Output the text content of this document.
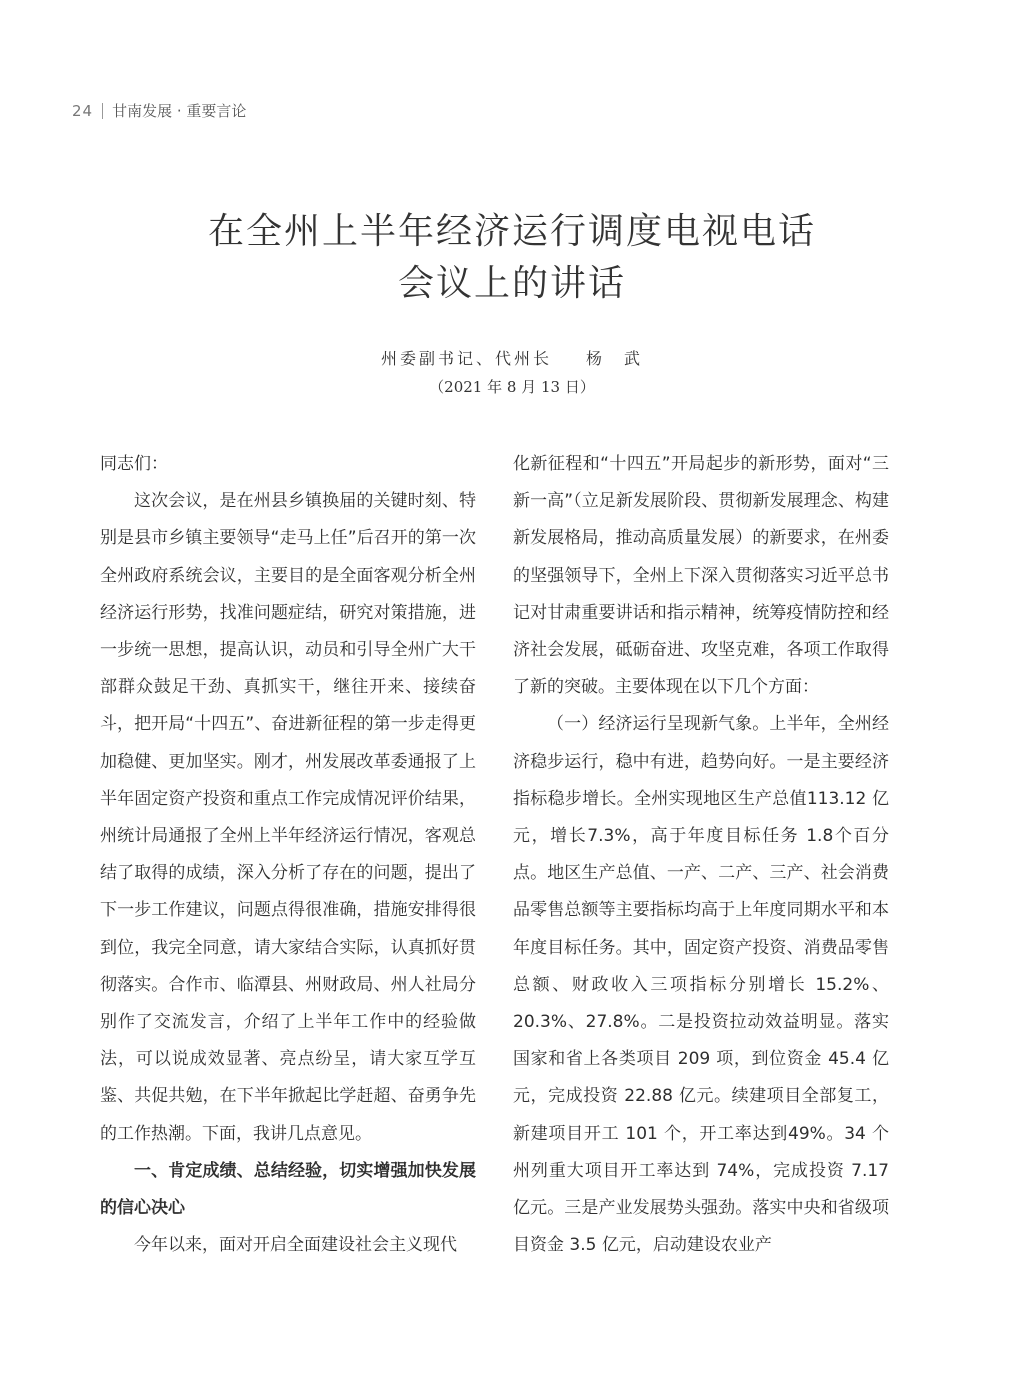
24 甘南发展 · 重要言论
在全州上半年经济运行调度电视电话
会议上的讲话
州委副书记、代州长 杨　武
（2021 年 8 月 13 日）

同志们：

这次会议，是在州县乡镇换届的关键时刻、特别是县市乡镇主要领导“走马上任”后召开的第一次全州政府系统会议，主要目的是全面客观分析全州经济运行形势，找准问题症结，研究对策措施，进一步统一思想，提高认识，动员和引导全州广大干部群众鼓足干劲、真抓实干，继往开来、接续奋斗，把开局“十四五”、奋进新征程的第一步走得更加稳健、更加坚实。刚才，州发展改革委通报了上半年固定资产投资和重点工作完成情况评价结果，州统计局通报了全州上半年经济运行情况，客观总结了取得的成绩，深入分析了存在的问题，提出了下一步工作建议，问题点得很准确，措施安排得很到位，我完全同意，请大家结合实际，认真抓好贯彻落实。合作市、临潭县、州财政局、州人社局分别作了交流发言，介绍了上半年工作中的经验做法，可以说成效显著、亮点纷呈，请大家互学互鉴、共促共勉，在下半年掀起比学赶超、奋勇争先的工作热潮。下面，我讲几点意见。

一、肯定成绩、总结经验，切实增强加快发展的信心决心

今年以来，面对开启全面建设社会主义现代

化新征程和“十四五”开局起步的新形势，面对“三新一高”（立足新发展阶段、贯彻新发展理念、构建新发展格局，推动高质量发展）的新要求，在州委的坚强领导下，全州上下深入贯彻落实习近平总书记对甘肃重要讲话和指示精神，统筹疫情防控和经济社会发展，砥砺奋进、攻坚克难，各项工作取得了新的突破。主要体现在以下几个方面：

（一）经济运行呈现新气象。上半年，全州经济稳步运行，稳中有进，趋势向好。一是主要经济指标稳步增长。全州实现地区生产总值113.12 亿元，增长7.3%，高于年度目标任务 1.8个百分点。地区生产总值、一产、二产、三产、社会消费品零售总额等主要指标均高于上年度同期水平和本年度目标任务。其中，固定资产投资、消费品零售总额、财政收入三项指标分别增长 15.2%、20.3%、27.8%。二是投资拉动效益明显。落实国家和省上各类项目 209 项，到位资金 45.4 亿元，完成投资 22.88 亿元。续建项目全部复工，新建项目开工 101 个，开工率达到49%。34 个州列重大项目开工率达到 74%，完成投资 7.17 亿元。三是产业发展势头强劲。落实中央和省级项目资金 3.5 亿元，启动建设农业产
